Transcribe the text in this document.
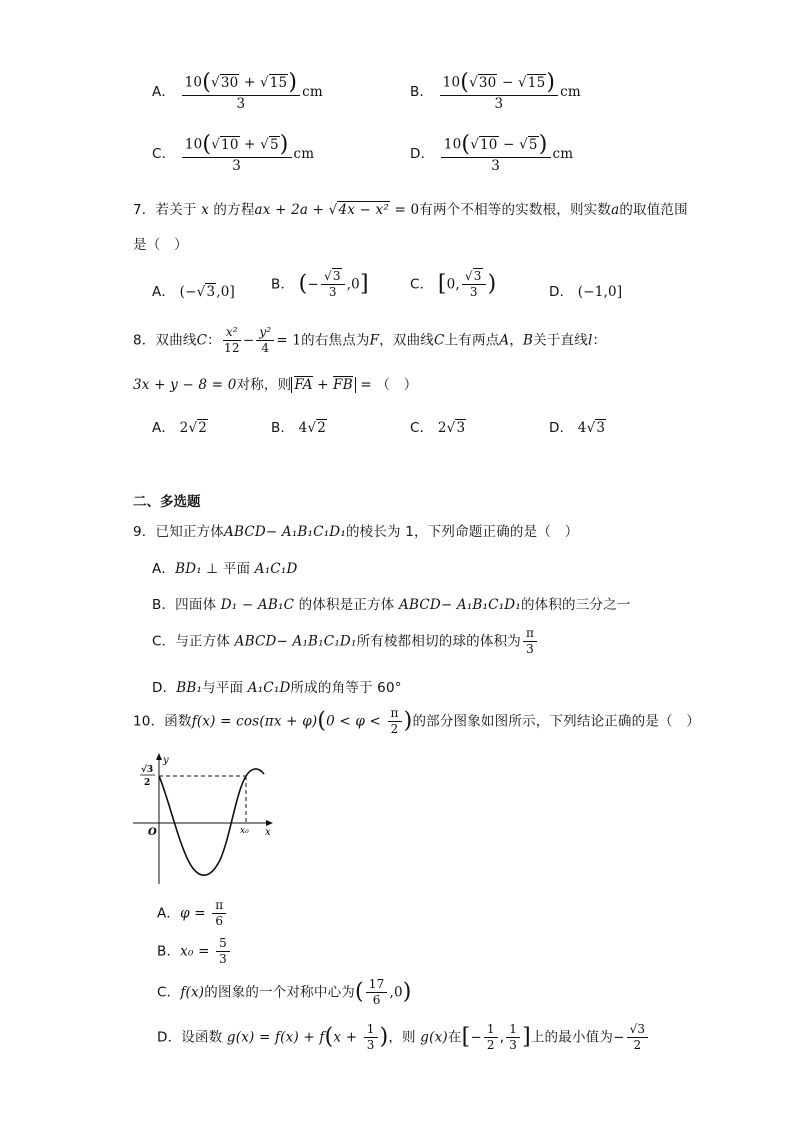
A． $\frac{10(√30 + √15)}{3}$ cm	B． $\frac{10(√30 - √15)}{3}$ cm
C． $\frac{10(√10 + √5)}{3}$ cm	D． $\frac{10(√10 - √5)}{3}$ cm
7．若关于 x 的方程ax + 2a + √4x − x² = 0有两个不相等的实数根，则实数a的取值范围
是（　）
A． (−√3,0]	B． (− $\frac{√3}{3} ,0$]	C． [0, $\frac{√3}{3}$ )	D． (−1,0]
8．双曲线C： $\frac{\text{x²}}{12} - \frac{\text{y²}}{4} = 1$的右焦点为F，双曲线C上有两点A，B关于直线l：
3x + y − 8 = 0对称，则 FA + FB = （　）
A． 2√2	B． 4√2	C． 2√3	D． 4√3
二、多选题
9．已知正方体ABCD− A₁B₁C₁D₁的棱长为 1，下列命题正确的是（　）
A．BD₁ ⊥ 平面 A₁C₁D
B．四面体 D₁ − AB₁C 的体积是正方体 ABCD− A₁B₁C₁D₁的体积的三分之一
C．与正方体 ABCD− A₁B₁C₁D₁所有棱都相切的球的体积为 $\frac{\pi}{3}$
D．BB₁与平面 A₁C₁D所成的角等于 60°
10．函数$f(x) = \cos(\pi x + \varphi)(0 < \varphi < \frac{\pi}{2}$ )的部分图象如图所示，下列结论正确的是（　）
y
x
O	x₀
√3
2
A．$\varphi = \frac{\pi}{6}$
B．$x_0 = \frac{5}{3}$
C．f(x)的图象的一个对称中心为( $\frac{17}{6} ,0$)
D．设函数 $g(x) = f(x) + f(x + \frac{1}{3}$ )，则 g(x)在[− $\frac{1}{2}$ , $\frac{1}{3}$ ]上的最小值为− $\frac{√3}{2}$
